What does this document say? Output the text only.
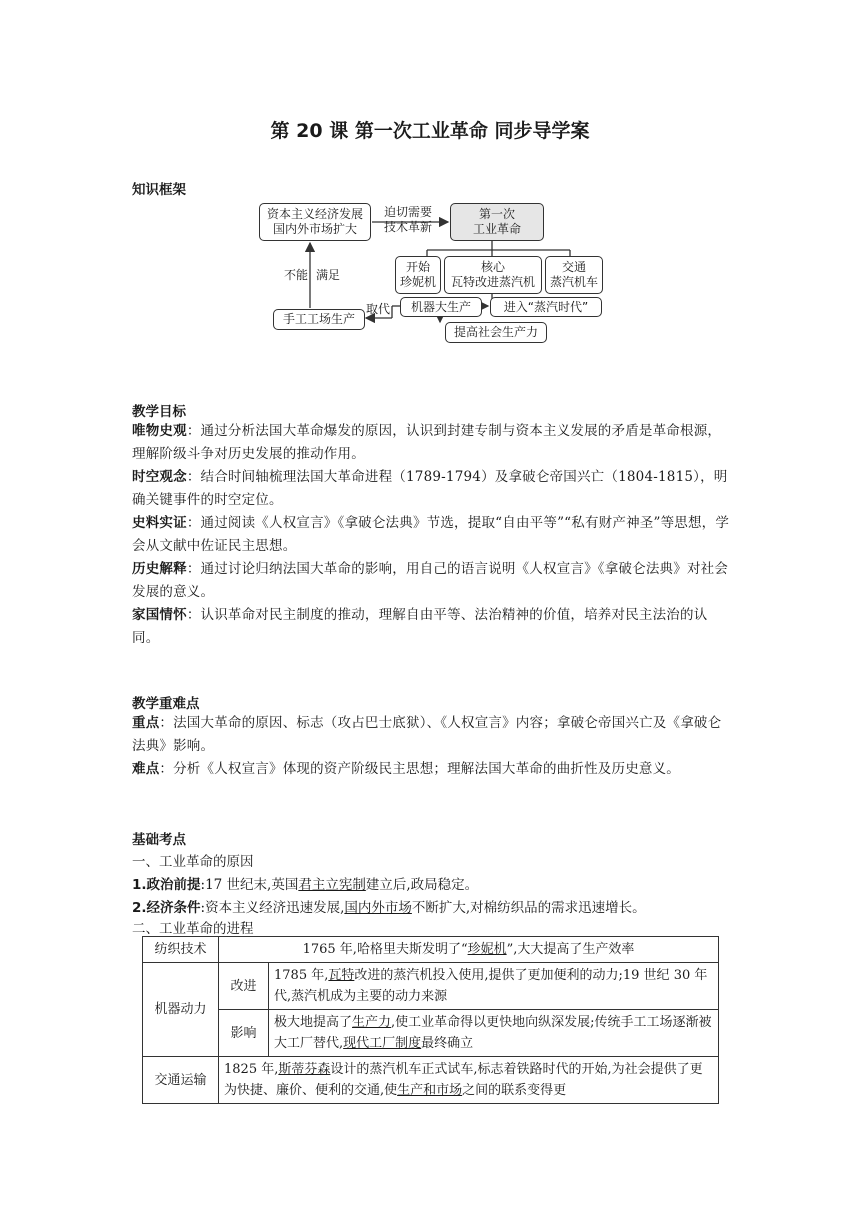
第 20 课 第一次工业革命 同步导学案
知识框架
资本主义经济发展
国内外市场扩大
迫切需要
技术革新
第一次
工业革命
开始
珍妮机
核心
瓦特改进蒸汽机
交通
蒸汽机车
机器大生产	进入“蒸汽时代”
提高社会生产力
手工工场生产
取代
不能 满足
教学目标
唯物史观：通过分析法国大革命爆发的原因，认识到封建专制与资本主义发展的矛盾是革命根源，理解阶级斗争对历史发展的推动作用。
时空观念：结合时间轴梳理法国大革命进程（1789-1794）及拿破仑帝国兴亡（1804-1815），明确关键事件的时空定位。
史料实证：通过阅读《人权宣言》《拿破仑法典》节选，提取“自由平等”“私有财产神圣”等思想，学会从文献中佐证民主思想。
历史解释：通过讨论归纳法国大革命的影响，用自己的语言说明《人权宣言》《拿破仑法典》对社会发展的意义。
家国情怀：认识革命对民主制度的推动，理解自由平等、法治精神的价值，培养对民主法治的认同。
教学重难点
重点：法国大革命的原因、标志（攻占巴士底狱）、《人权宣言》内容；拿破仑帝国兴亡及《拿破仑法典》影响。
难点：分析《人权宣言》体现的资产阶级民主思想；理解法国大革命的曲折性及历史意义。
基础考点
一、工业革命的原因
1.政治前提:17 世纪末,英国君主立宪制建立后,政局稳定。
2.经济条件:资本主义经济迅速发展,国内外市场不断扩大,对棉纺织品的需求迅速增长。
二、工业革命的进程
纺织技术	1765 年,哈格里夫斯发明了“珍妮机”,大大提高了生产效率	
机器动力	改进	1785 年,瓦特改进的蒸汽机投入使用,提供了更加便利的动力;19 世纪 30 年代,蒸汽机成为主要的动力来源
	影响	极大地提高了生产力,使工业革命得以更快地向纵深发展;传统手工工场逐渐被大工厂替代,现代工厂制度最终确立
交通运输	1825 年,斯蒂芬森设计的蒸汽机车正式试车,标志着铁路时代的开始,为社会提供了更为快捷、廉价、便利的交通,使生产和市场之间的联系变得更	
